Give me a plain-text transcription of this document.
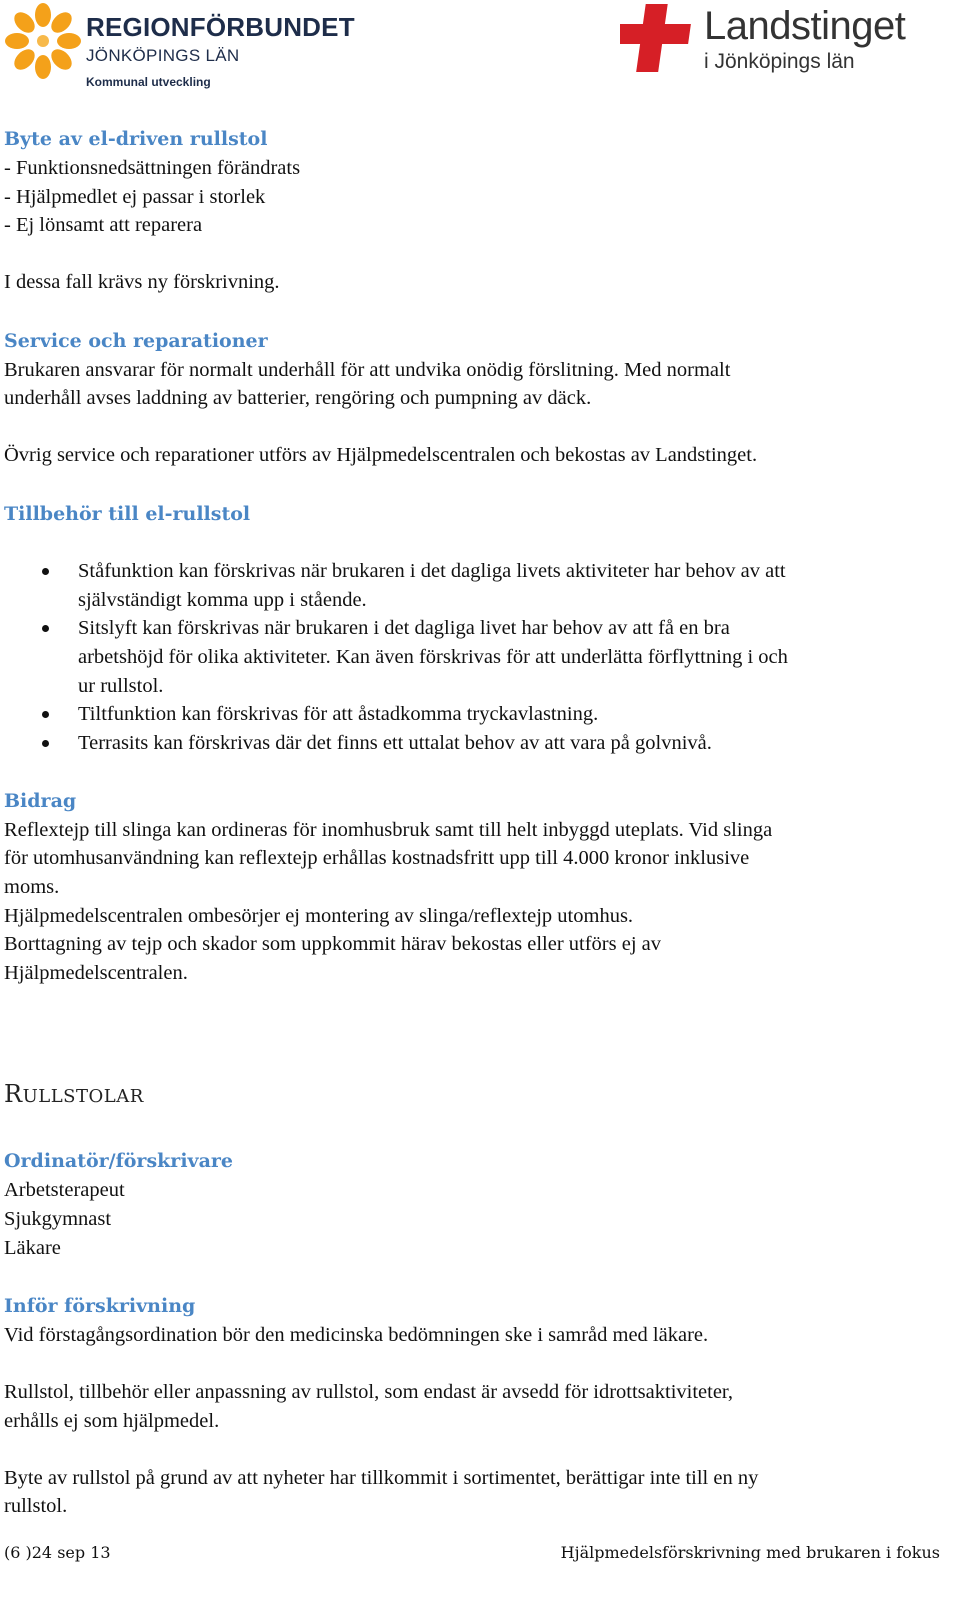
REGIONFÖRBUNDET
JÖNKÖPINGS LÄN
Kommunal utveckling
Landstinget
i Jönköpings län
Byte av el-driven rullstol
- Funktionsnedsättningen förändrats
- Hjälpmedlet ej passar i storlek
- Ej lönsamt att reparera
I dessa fall krävs ny förskrivning.
Service och reparationer
Brukaren ansvarar för normalt underhåll för att undvika onödig förslitning. Med normalt
underhåll avses laddning av batterier, rengöring och pumpning av däck.
Övrig service och reparationer utförs av Hjälpmedelscentralen och bekostas av Landstinget.
Tillbehör till el-rullstol
Ståfunktion kan förskrivas när brukaren i det dagliga livets aktiviteter har behov av att
självständigt komma upp i stående.
Sitslyft kan förskrivas när brukaren i det dagliga livet har behov av att få en bra
arbetshöjd för olika aktiviteter. Kan även förskrivas för att underlätta förflyttning i och
ur rullstol.
Tiltfunktion kan förskrivas för att åstadkomma tryckavlastning.
Terrasits kan förskrivas där det finns ett uttalat behov av att vara på golvnivå.
Bidrag
Reflextejp till slinga kan ordineras för inomhusbruk samt till helt inbyggd uteplats. Vid slinga
för utomhusanvändning kan reflextejp erhållas kostnadsfritt upp till 4.000 kronor inklusive
moms.
Hjälpmedelscentralen ombesörjer ej montering av slinga/reflextejp utomhus.
Borttagning av tejp och skador som uppkommit härav bekostas eller utförs ej av
Hjälpmedelscentralen.
RULLSTOLAR
Ordinatör/förskrivare
Arbetsterapeut
Sjukgymnast
Läkare
Inför förskrivning
Vid förstagångsordination bör den medicinska bedömningen ske i samråd med läkare.
Rullstol, tillbehör eller anpassning av rullstol, som endast är avsedd för idrottsaktiviteter,
erhålls ej som hjälpmedel.
Byte av rullstol på grund av att nyheter har tillkommit i sortimentet, berättigar inte till en ny
rullstol.
(6 )24 sep 13	Hjälpmedelsförskrivning med brukaren i fokus
